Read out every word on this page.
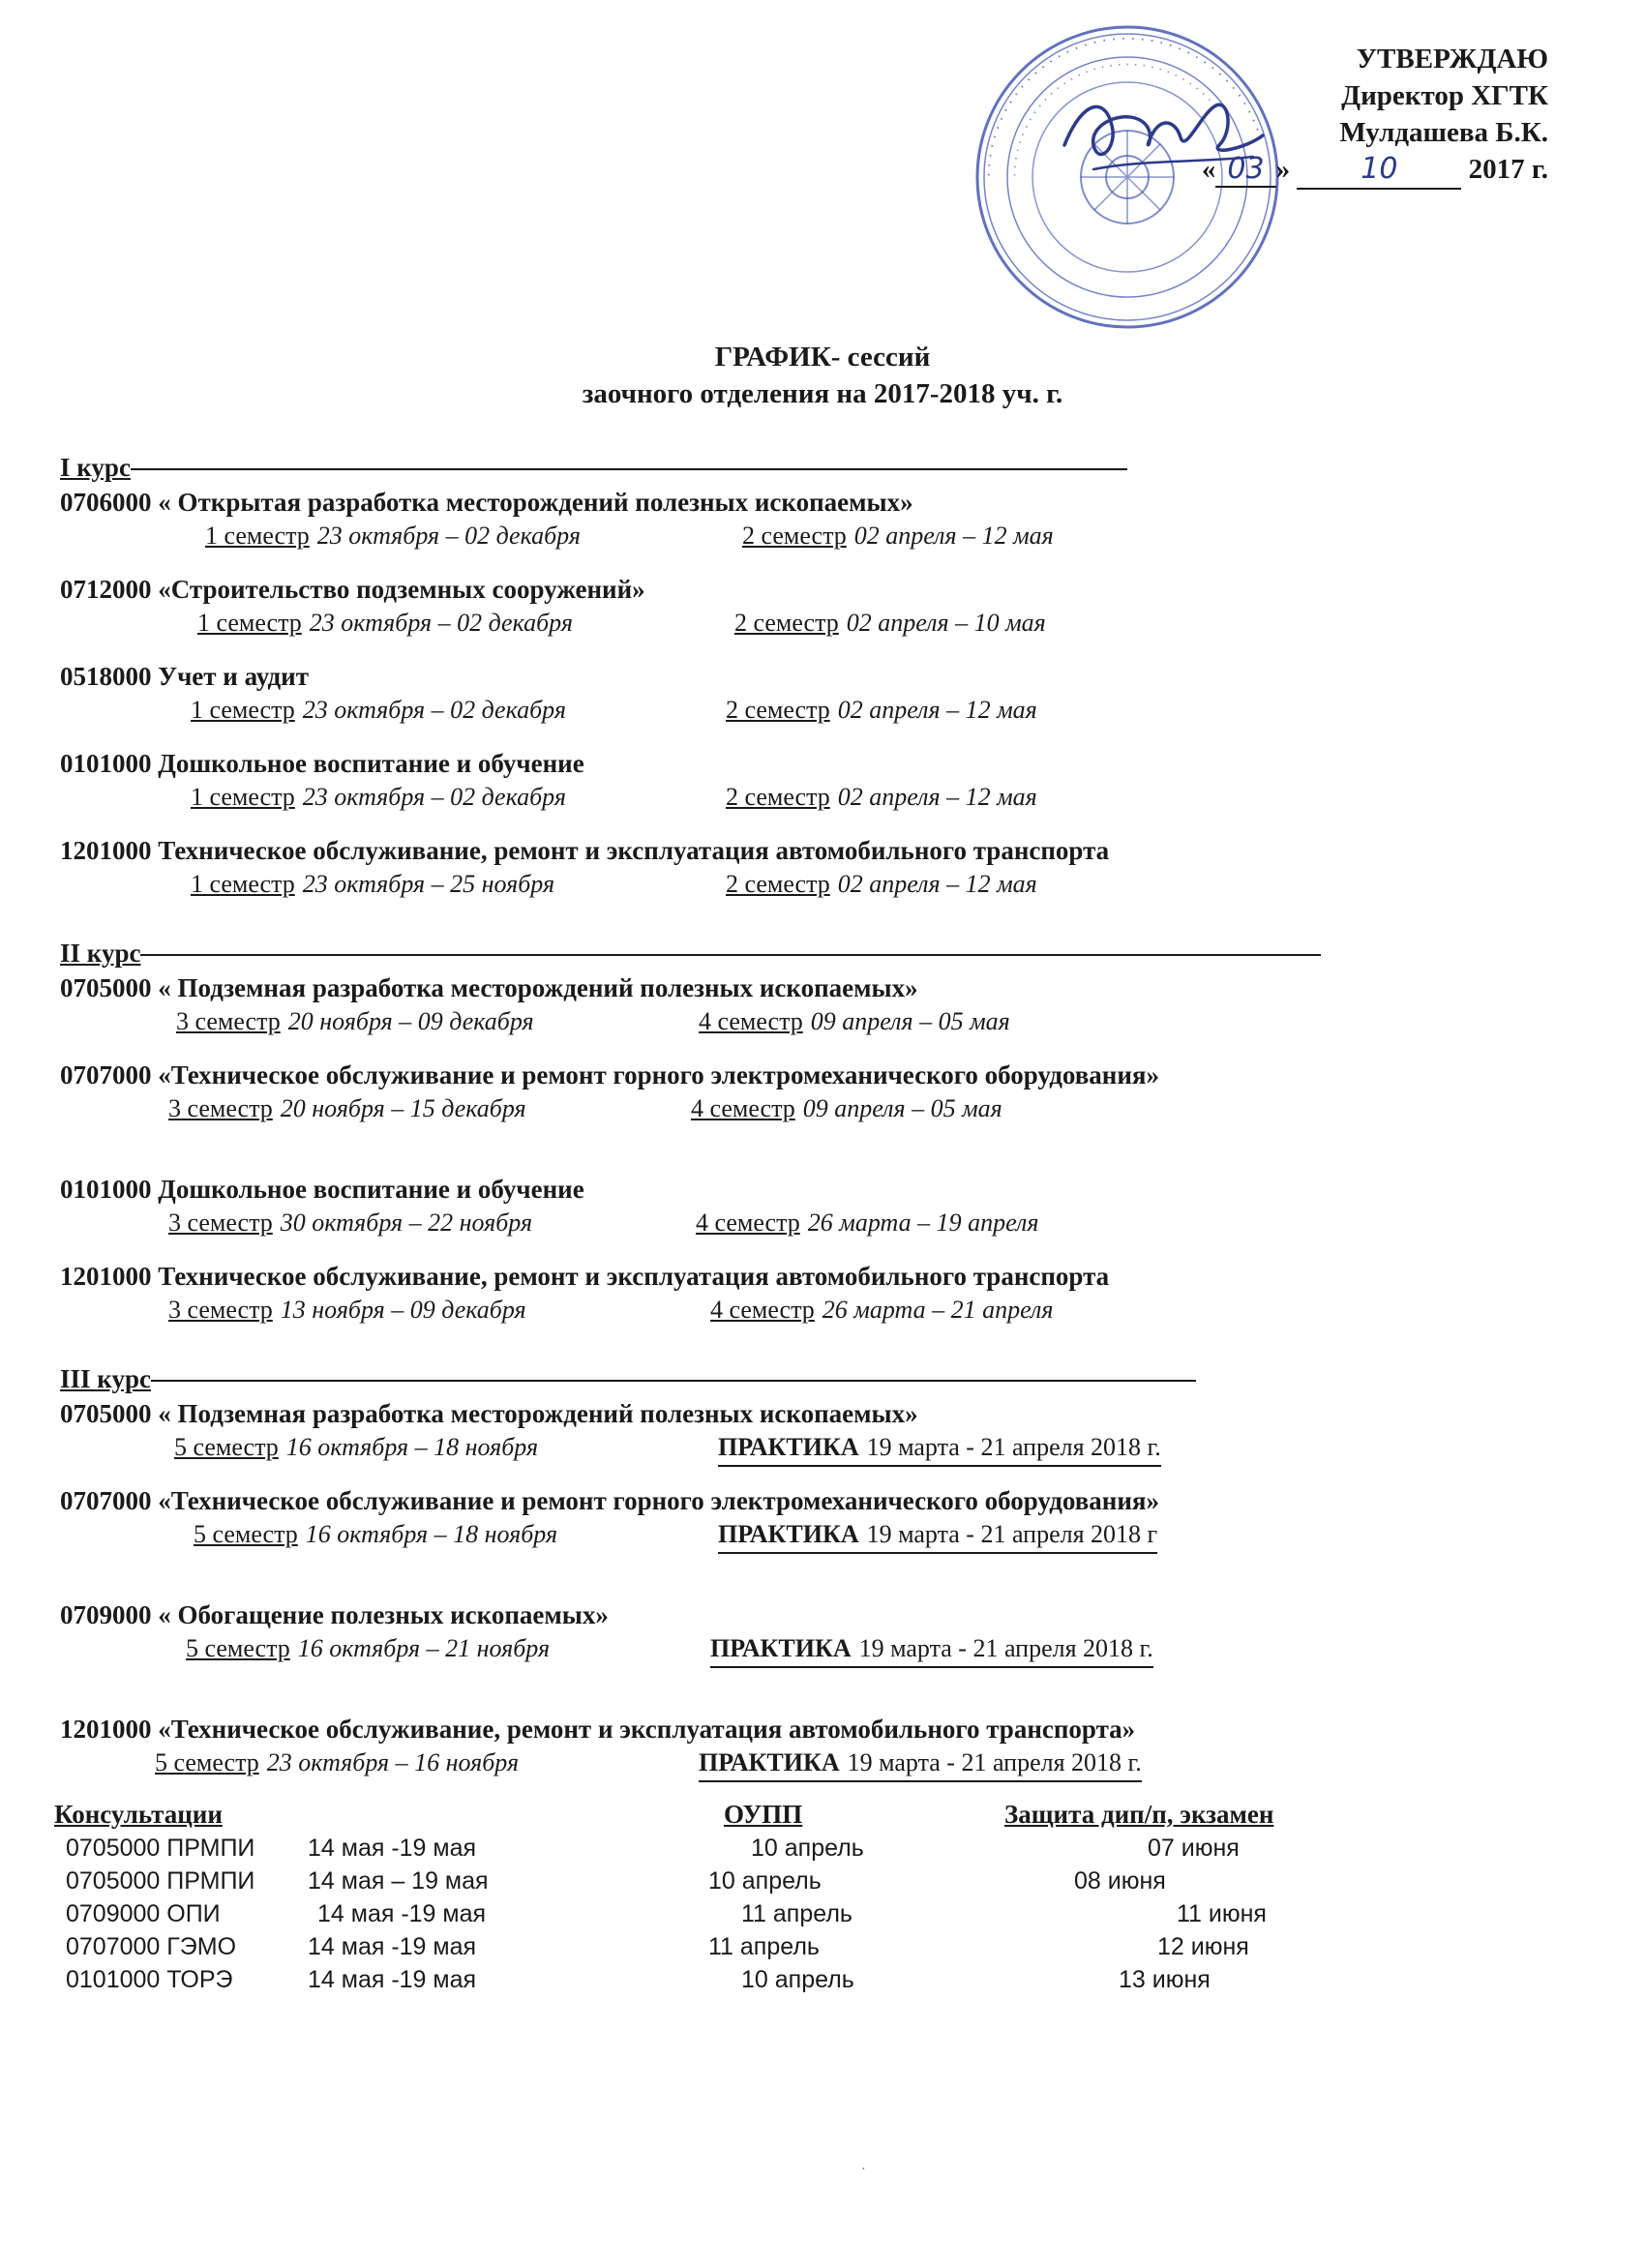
· · · · · · · · · · · · · · · · · · · · · · · · · · · · · · · · · · · · · · · · · ·
· · · · · · · · · · · · · · · · · · · · · · · · · · · · · · · · · ·
УТВЕРЖДАЮ
Директор ХГТК
Мулдашева Б.К.
« 03 » 10	2017 г.
ГРАФИК- сессий
заочного отделения на 2017-2018 уч. г.
I курс
0706000 « Открытая разработка месторождений полезных ископаемых»
1 семестр 23 октября – 02 декабря	2 семестр 02 апреля – 12 мая
0712000 «Строительство подземных сооружений»
1 семестр 23 октября – 02 декабря	2 семестр 02 апреля – 10 мая
0518000 Учет и аудит
1 семестр 23 октября – 02 декабря	2 семестр 02 апреля – 12 мая
0101000 Дошкольное воспитание и обучение
1 семестр 23 октября – 02 декабря	2 семестр 02 апреля – 12 мая
1201000 Техническое обслуживание, ремонт и эксплуатация автомобильного транспорта
1 семестр 23 октября – 25 ноября	2 семестр 02 апреля – 12 мая
II курс
0705000 « Подземная разработка месторождений полезных ископаемых»
3 семестр 20 ноября – 09 декабря	4 семестр 09 апреля – 05 мая
0707000 «Техническое обслуживание и ремонт горного электромеханического оборудования»
3 семестр 20 ноября – 15 декабря	4 семестр 09 апреля – 05 мая
0101000 Дошкольное воспитание и обучение
3 семестр 30 октября – 22 ноября	4 семестр 26 марта – 19 апреля
1201000 Техническое обслуживание, ремонт и эксплуатация автомобильного транспорта
3 семестр 13 ноября – 09 декабря	4 семестр 26 марта – 21 апреля
III курс
0705000 « Подземная разработка месторождений полезных ископаемых»
5 семестр 16 октября – 18 ноября	ПРАКТИКА 19 марта - 21 апреля 2018 г.
0707000 «Техническое обслуживание и ремонт горного электромеханического оборудования»
5 семестр 16 октября – 18 ноября	ПРАКТИКА 19 марта - 21 апреля 2018 г
0709000 « Обогащение полезных ископаемых»
5 семестр 16 октября – 21 ноября	ПРАКТИКА 19 марта - 21 апреля 2018 г.
1201000 «Техническое обслуживание, ремонт и эксплуатация автомобильного транспорта»
5 семестр 23 октября – 16 ноября	ПРАКТИКА 19 марта - 21 апреля 2018 г.
Консультации	ОУПП	Защита дип/п, экзамен
0705000 ПРМПИ 14 мая -19 мая	10 апрель	07 июня
0705000 ПРМПИ 14 мая – 19 мая	10 апрель	08 июня
0709000 ОПИ	14 мая -19 мая	11 апрель	11 июня
0707000 ГЭМО	14 мая -19 мая	11 апрель	12 июня
0101000 ТОРЭ	14 мая -19 мая	10 апрель	13 июня
·
